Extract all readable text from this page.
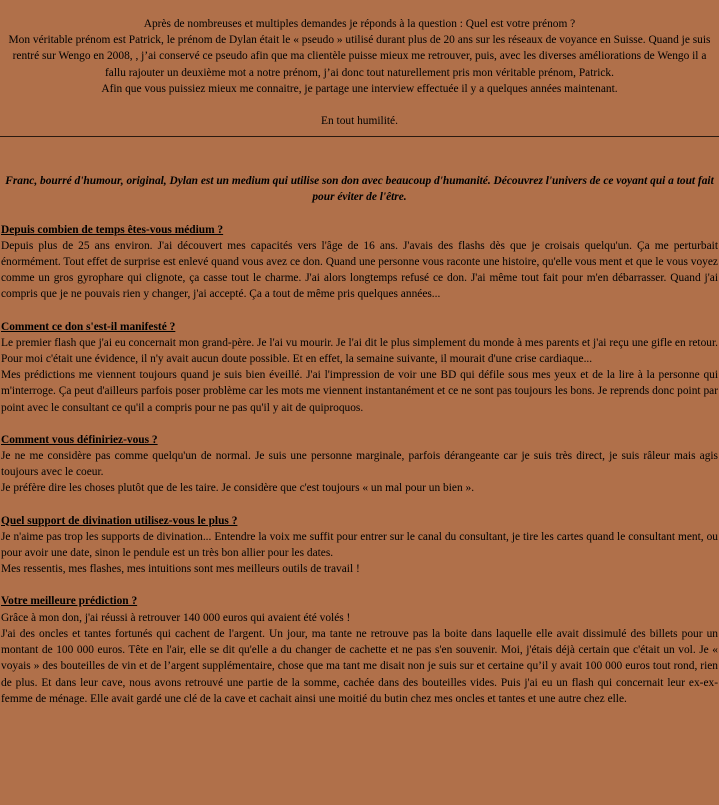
Après de nombreuses et multiples demandes je réponds à la question : Quel est votre prénom ?

Mon véritable prénom est Patrick, le prénom de Dylan était le « pseudo » utilisé durant plus de 20 ans sur les réseaux de voyance en Suisse. Quand je suis rentré sur Wengo en 2008, , j’ai conservé ce pseudo afin que ma clientèle puisse mieux me retrouver, puis, avec les diverses améliorations de Wengo il a fallu rajouter un deuxième mot a notre prénom, j’ai donc tout naturellement pris mon véritable prénom, Patrick.

Afin que vous puissiez mieux me connaitre, je partage une interview effectuée il y a quelques années maintenant.

En tout humilité.

Franc, bourré d'humour, original, Dylan est un medium qui utilise son don avec beaucoup d'humanité. Découvrez l'univers de ce voyant qui a tout fait pour éviter de l'être.

Depuis combien de temps êtes-vous médium ?

Depuis plus de 25 ans environ. J'ai découvert mes capacités vers l'âge de 16 ans. J'avais des flashs dès que je croisais quelqu'un. Ça me perturbait énormément. Tout effet de surprise est enlevé quand vous avez ce don. Quand une personne vous raconte une histoire, qu'elle vous ment et que le vous voyez comme un gros gyrophare qui clignote, ça casse tout le charme. J'ai alors longtemps refusé ce don. J'ai même tout fait pour m'en débarrasser. Quand j'ai compris que je ne pouvais rien y changer, j'ai accepté. Ça a tout de même pris quelques années...

Comment ce don s'est-il manifesté ?

Le premier flash que j'ai eu concernait mon grand-père. Je l'ai vu mourir. Je l'ai dit le plus simplement du monde à mes parents et j'ai reçu une gifle en retour. Pour moi c'était une évidence, il n'y avait aucun doute possible. Et en effet, la semaine suivante, il mourait d'une crise cardiaque...

Mes prédictions me viennent toujours quand je suis bien éveillé. J'ai l'impression de voir une BD qui défile sous mes yeux et de la lire à la personne qui m'interroge. Ça peut d'ailleurs parfois poser problème car les mots me viennent instantanément et ce ne sont pas toujours les bons. Je reprends donc point par point avec le consultant ce qu'il a compris pour ne pas qu'il y ait de quiproquos.

Comment vous définiriez-vous ?

Je ne me considère pas comme quelqu'un de normal. Je suis une personne marginale, parfois dérangeante car je suis très direct, je suis râleur mais agis toujours avec le coeur.

Je préfère dire les choses plutôt que de les taire. Je considère que c'est toujours « un mal pour un bien ».

Quel support de divination utilisez-vous le plus ?

Je n'aime pas trop les supports de divination... Entendre la voix me suffit pour entrer sur le canal du consultant, je tire les cartes quand le consultant ment, ou pour avoir une date, sinon le pendule est un très bon allier pour les dates.

Mes ressentis, mes flashes, mes intuitions sont mes meilleurs outils de travail !

Votre meilleure prédiction ?

Grâce à mon don, j'ai réussi à retrouver 140 000 euros qui avaient été volés !

J'ai des oncles et tantes fortunés qui cachent de l'argent. Un jour, ma tante ne retrouve pas la boite dans laquelle elle avait dissimulé des billets pour un montant de 100 000 euros. Tête en l'air, elle se dit qu'elle a du changer de cachette et ne pas s'en souvenir. Moi, j'étais déjà certain que c'était un vol. Je « voyais » des bouteilles de vin et de l’argent supplémentaire, chose que ma tant me disait non je suis sur et certaine qu’il y avait 100 000 euros tout rond, rien de plus. Et dans leur cave, nous avons retrouvé une partie de la somme, cachée dans des bouteilles vides. Puis j'ai eu un flash qui concernait leur ex-ex-femme de ménage. Elle avait gardé une clé de la cave et cachait ainsi une moitié du butin chez mes oncles et tantes et une autre chez elle.
